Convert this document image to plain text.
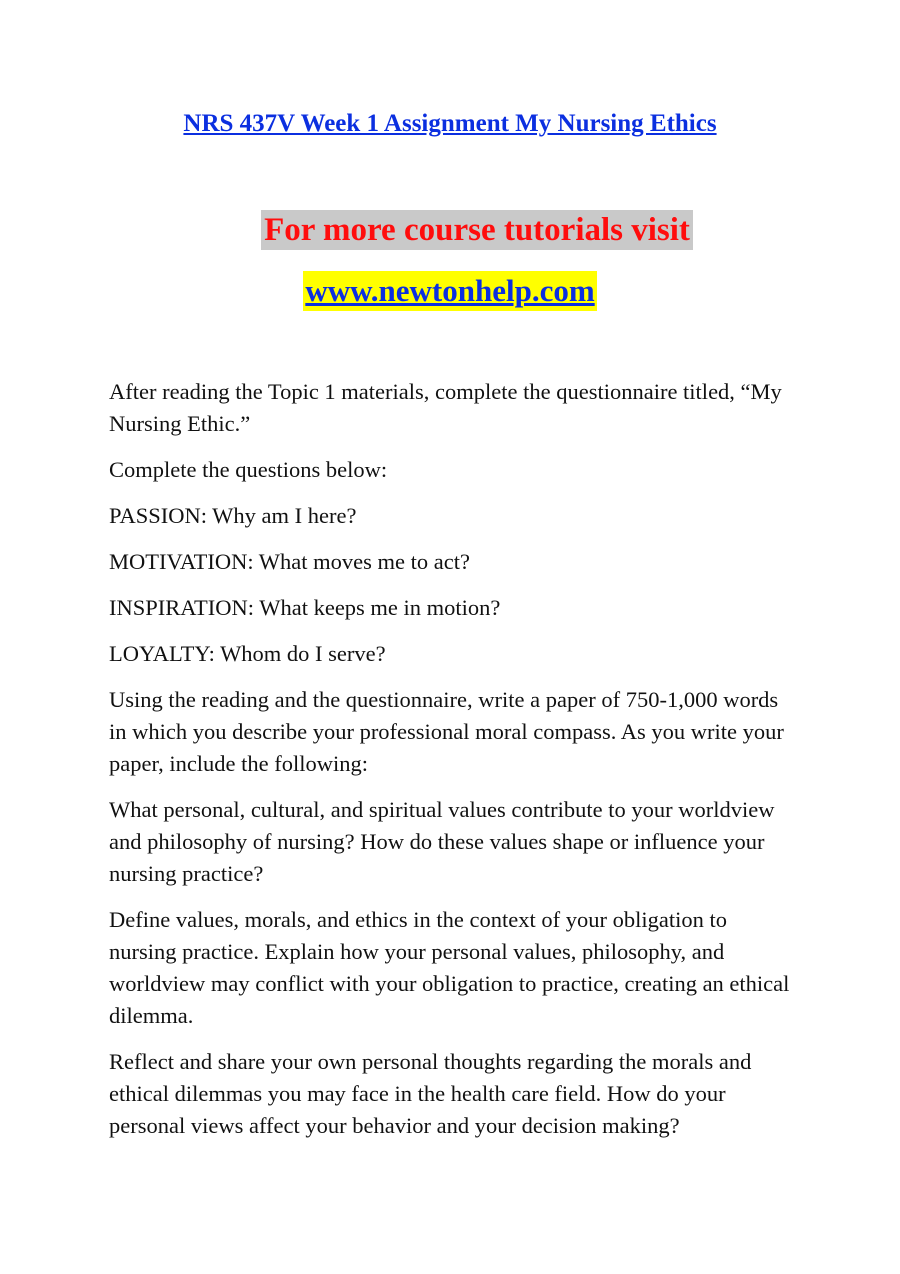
NRS 437V Week 1 Assignment My Nursing Ethics
For more course tutorials visit
www.newtonhelp.com

After reading the Topic 1 materials, complete the questionnaire titled, “My Nursing Ethic.”

Complete the questions below:

PASSION: Why am I here?

MOTIVATION: What moves me to act?

INSPIRATION: What keeps me in motion?

LOYALTY: Whom do I serve?

Using the reading and the questionnaire, write a paper of 750-1,000 words in which you describe your professional moral compass. As you write your paper, include the following:

What personal, cultural, and spiritual values contribute to your worldview and philosophy of nursing? How do these values shape or influence your nursing practice?

Define values, morals, and ethics in the context of your obligation to nursing practice. Explain how your personal values, philosophy, and worldview may conflict with your obligation to practice, creating an ethical dilemma.

Reflect and share your own personal thoughts regarding the morals and ethical dilemmas you may face in the health care field. How do your personal views affect your behavior and your decision making?
